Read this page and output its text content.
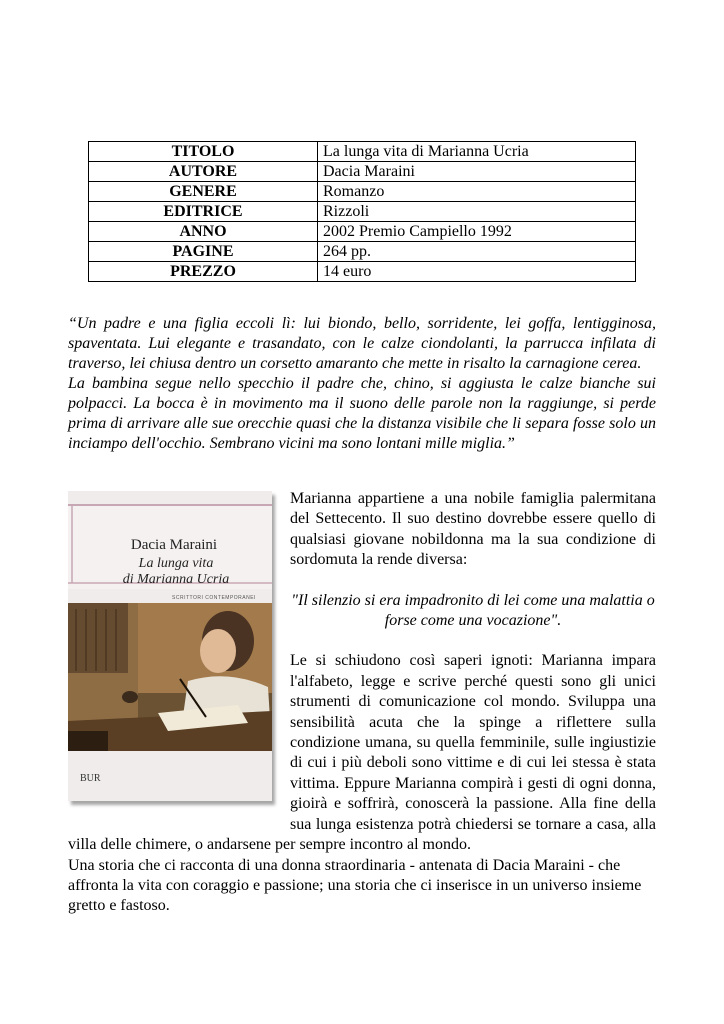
TITOLO	La lunga vita di Marianna Ucria
AUTORE	Dacia Maraini
GENERE	Romanzo
EDITRICE	Rizzoli
ANNO	2002 Premio Campiello 1992
PAGINE	264 pp.
PREZZO	14 euro

“Un padre e una figlia eccoli lì: lui biondo, bello, sorridente, lei goffa, lentigginosa, spaventata. Lui elegante e trasandato, con le calze ciondolanti, la parrucca infilata di traverso, lei chiusa dentro un corsetto amaranto che mette in risalto la carnagione cerea.

La bambina segue nello specchio il padre che, chino, si aggiusta le calze bianche sui polpacci. La bocca è in movimento ma il suono delle parole non la raggiunge, si perde prima di arrivare alle sue orecchie quasi che la distanza visibile che li separa fosse solo un inciampo dell'occhio. Sembrano vicini ma sono lontani mille miglia.”

Dacia Maraini
La lunga vita
di Marianna Ucria
SCRITTORI CONTEMPORANEI
BUR

Marianna appartiene a una nobile famiglia palermitana del Settecento. Il suo destino dovrebbe essere quello di qualsiasi giovane nobildonna ma la sua condizione di sordomuta la rende diversa:

"Il silenzio si era impadronito di lei come una malattia o forse come una vocazione".

Le si schiudono così saperi ignoti: Marianna impara l'alfabeto, legge e scrive perché questi sono gli unici strumenti di comunicazione col mondo. Sviluppa una sensibilità acuta che la spinge a riflettere sulla condizione umana, su quella femminile, sulle ingiustizie di cui i più deboli sono vittime e di cui lei stessa è stata vittima. Eppure Marianna compirà i gesti di ogni donna, gioirà e soffrirà, conoscerà la passione. Alla fine della sua lunga esistenza potrà chiedersi se tornare a casa, alla villa delle chimere, o andarsene per sempre incontro al mondo.

Una storia che ci racconta di una donna straordinaria - antenata di Dacia Maraini - che affronta la vita con coraggio e passione; una storia che ci inserisce in un universo insieme gretto e fastoso.
